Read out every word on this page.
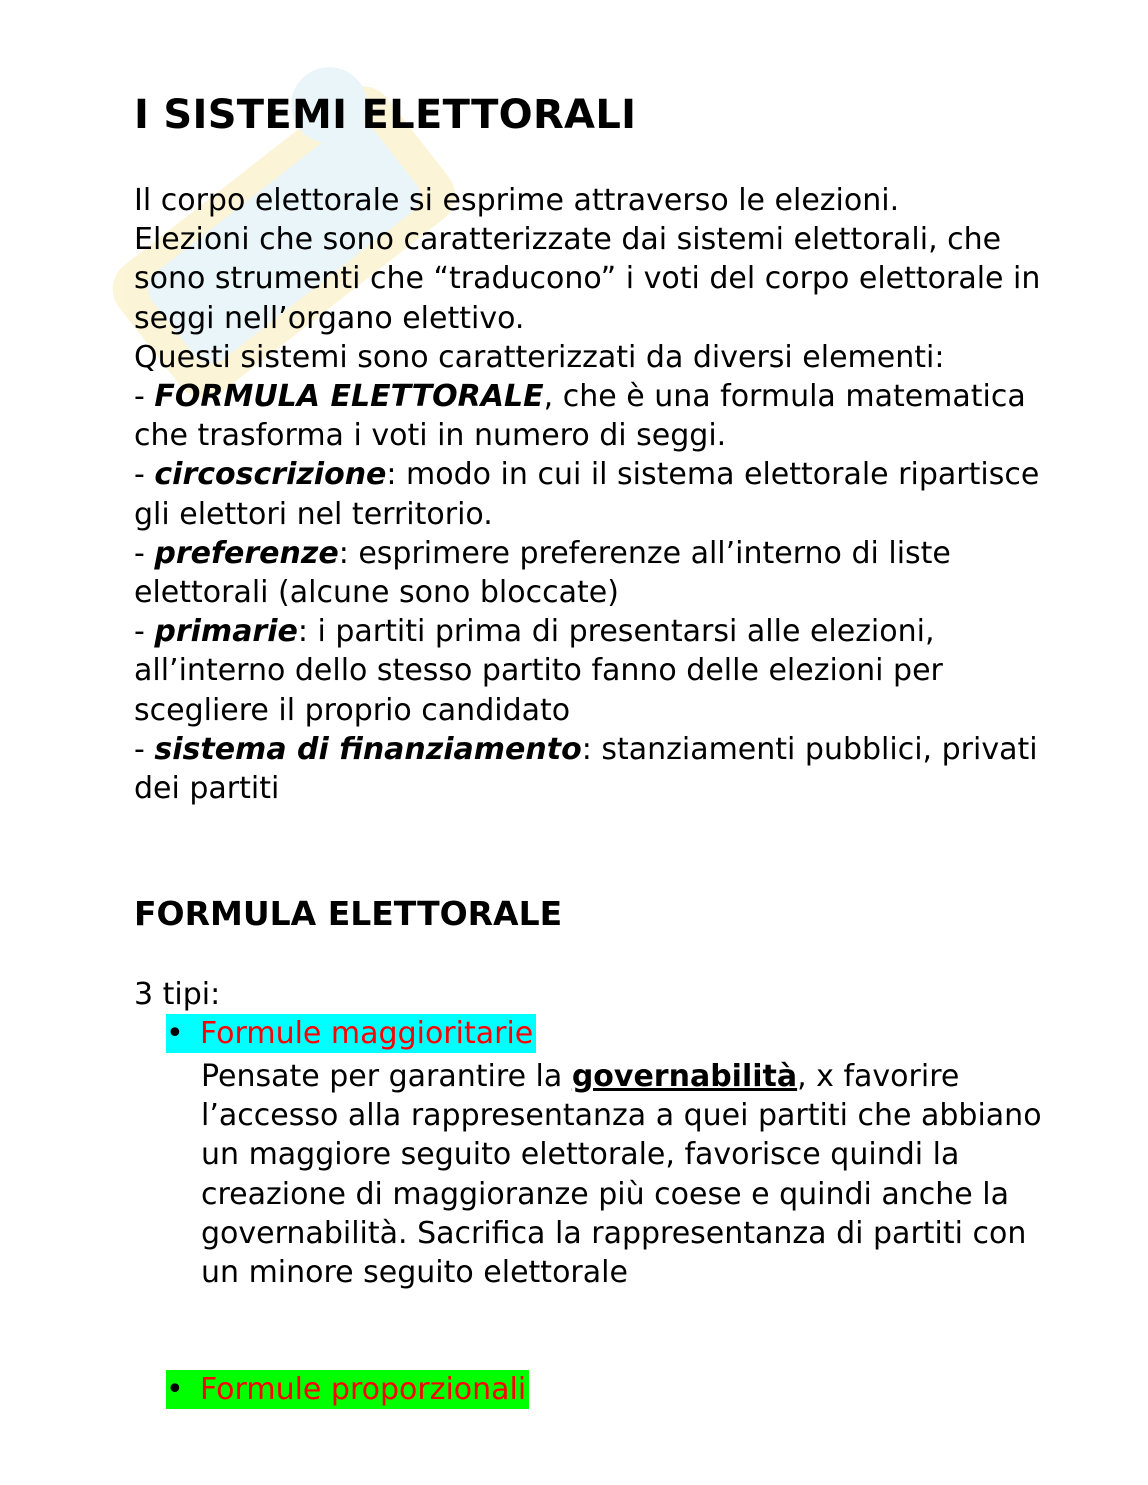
I SISTEMI ELETTORALI

Il corpo elettorale si esprime attraverso le elezioni.

Elezioni che sono caratterizzate dai sistemi elettorali, che sono strumenti che “traducono” i voti del corpo elettorale in seggi nell’organo elettivo.

Questi sistemi sono caratterizzati da diversi elementi:

- FORMULA ELETTORALE, che è una formula matematica che trasforma i voti in numero di seggi.

- circoscrizione: modo in cui il sistema elettorale ripartisce gli elettori nel territorio.

- preferenze: esprimere preferenze all’interno di liste elettorali (alcune sono bloccate)

- primarie: i partiti prima di presentarsi alle elezioni, all’interno dello stesso partito fanno delle elezioni per scegliere il proprio candidato

- sistema di finanziamento: stanziamenti pubblici, privati dei partiti

FORMULA ELETTORALE
3 tipi:
• Formule maggioritarie

Pensate per garantire la governabilità, x favorire l’accesso alla rappresentanza a quei partiti che abbiano un maggiore seguito elettorale, favorisce quindi la creazione di maggioranze più coese e quindi anche la governabilità. Sacrifica la rappresentanza di partiti con un minore seguito elettorale

• Formule proporzionali
